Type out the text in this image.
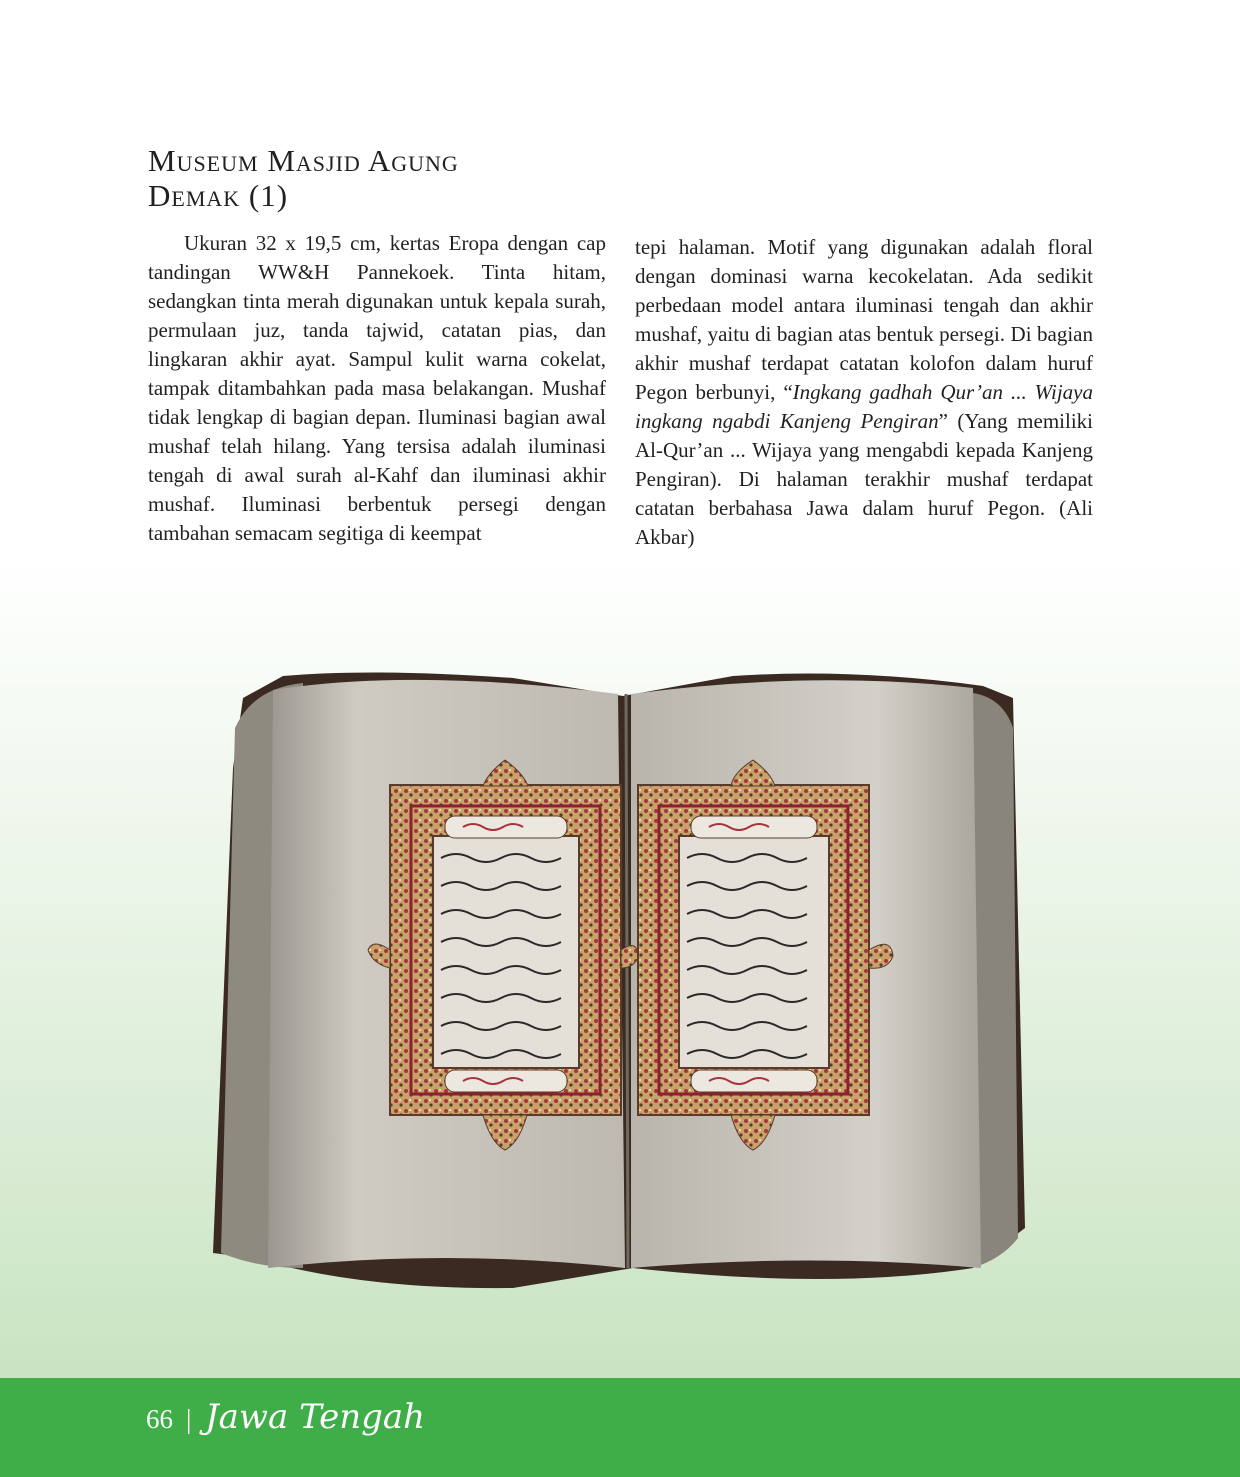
Museum Masjid Agung
Demak (1)

Ukuran 32 x 19,5 cm, kertas Eropa dengan cap tandingan WW&H Pannekoek. Tinta hitam, sedangkan tinta merah digunakan untuk kepala surah, permulaan juz, tanda tajwid, catatan pias, dan lingkaran akhir ayat. Sampul kulit warna cokelat, tampak ditambahkan pada masa belakangan. Mushaf tidak lengkap di bagian depan. Iluminasi bagian awal mushaf telah hilang. Yang tersisa adalah iluminasi tengah di awal surah al-Kahf dan iluminasi akhir mushaf. Iluminasi berbentuk persegi dengan tambahan semacam segitiga di keempat

tepi halaman. Motif yang digunakan adalah floral dengan dominasi warna kecokelatan. Ada sedikit perbedaan model antara iluminasi tengah dan akhir mushaf, yaitu di bagian atas bentuk persegi. Di bagian akhir mushaf terdapat catatan kolofon dalam huruf Pegon berbunyi, “Ingkang gadhah Qur’an ... Wijaya ingkang ngabdi Kanjeng Pengiran” (Yang memiliki Al-Qur’an ... Wijaya yang mengabdi kepada Kanjeng Pengiran). Di halaman terakhir mushaf terdapat catatan berbahasa Jawa dalam huruf Pegon. (Ali Akbar)

66 | Jawa Tengah
